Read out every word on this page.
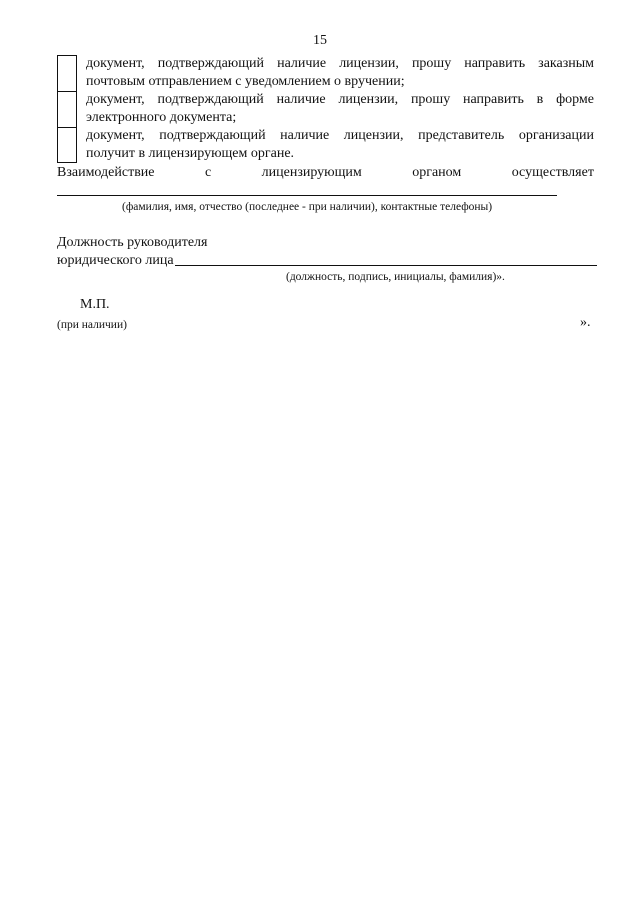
15
документ, подтверждающий наличие лицензии, прошу направить заказным
почтовым отправлением с уведомлением о вручении;
документ, подтверждающий наличие лицензии, прошу направить в форме
электронного документа;
документ, подтверждающий наличие лицензии, представитель организации
получит в лицензирующем органе.
Взаимодействие	с	лицензирующим	органом	осуществляет
(фамилия, имя, отчество (последнее - при наличии), контактные телефоны)
Должность руководителя
юридического лица
(должность, подпись, инициалы, фамилия)».
М.П.
(при наличии)	».
